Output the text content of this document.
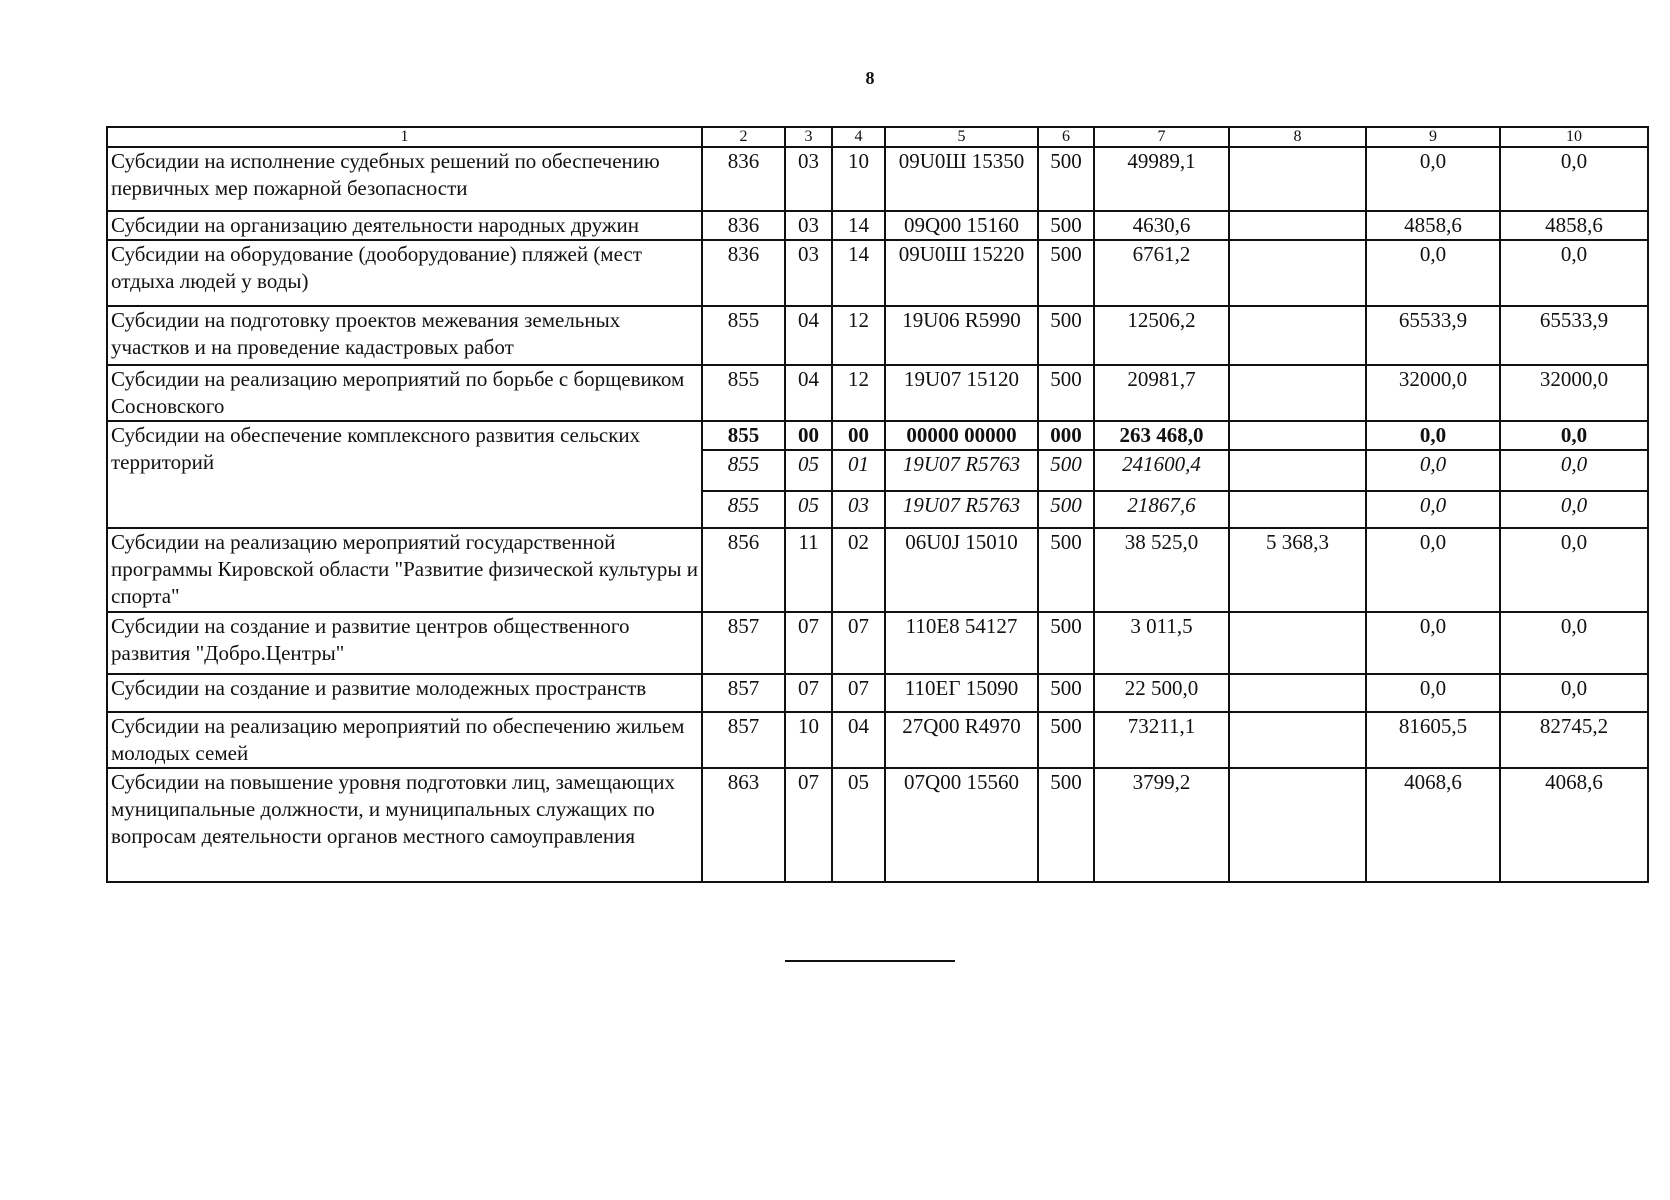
8
1	2	3	4	5	6	7	8	9	10
Субсидии на исполнение судебных решений по обеспечению первичных мер пожарной безопасности	836	03	10	09U0Ш 15350	500	49989,1		0,0	0,0
Субсидии на организацию деятельности народных дружин	836	03	14	09Q00 15160	500	4630,6		4858,6	4858,6
Субсидии на оборудование (дооборудование) пляжей (мест отдыха людей у воды)	836	03	14	09U0Ш 15220	500	6761,2		0,0	0,0
Субсидии на подготовку проектов межевания земельных участков и на проведение кадастровых работ	855	04	12	19U06 R5990	500	12506,2		65533,9	65533,9
Субсидии на реализацию мероприятий по борьбе с борщевиком Сосновского	855	04	12	19U07 15120	500	20981,7		32000,0	32000,0
Субсидии на обеспечение комплексного развития сельских территорий	855	00	00	00000 00000	000	263 468,0		0,0	0,0
	855	05	01	19U07 R5763	500	241600,4		0,0	0,0
	855	05	03	19U07 R5763	500	21867,6		0,0	0,0
Субсидии на реализацию мероприятий государственной программы Кировской области "Развитие физической культуры и спорта"	856	11	02	06U0J 15010	500	38 525,0	5 368,3	0,0	0,0
Субсидии на создание и развитие центров общественного развития "Добро.Центры"	857	07	07	110Е8 54127	500	3 011,5		0,0	0,0
Субсидии на создание и развитие молодежных пространств	857	07	07	110ЕГ 15090	500	22 500,0		0,0	0,0
Субсидии на реализацию мероприятий по обеспечению жильем молодых семей	857	10	04	27Q00 R4970	500	73211,1		81605,5	82745,2
Субсидии на повышение уровня подготовки лиц, замещающих муниципальные должности, и муниципальных служащих по вопросам деятельности органов местного самоуправления	863	07	05	07Q00 15560	500	3799,2		4068,6	4068,6
